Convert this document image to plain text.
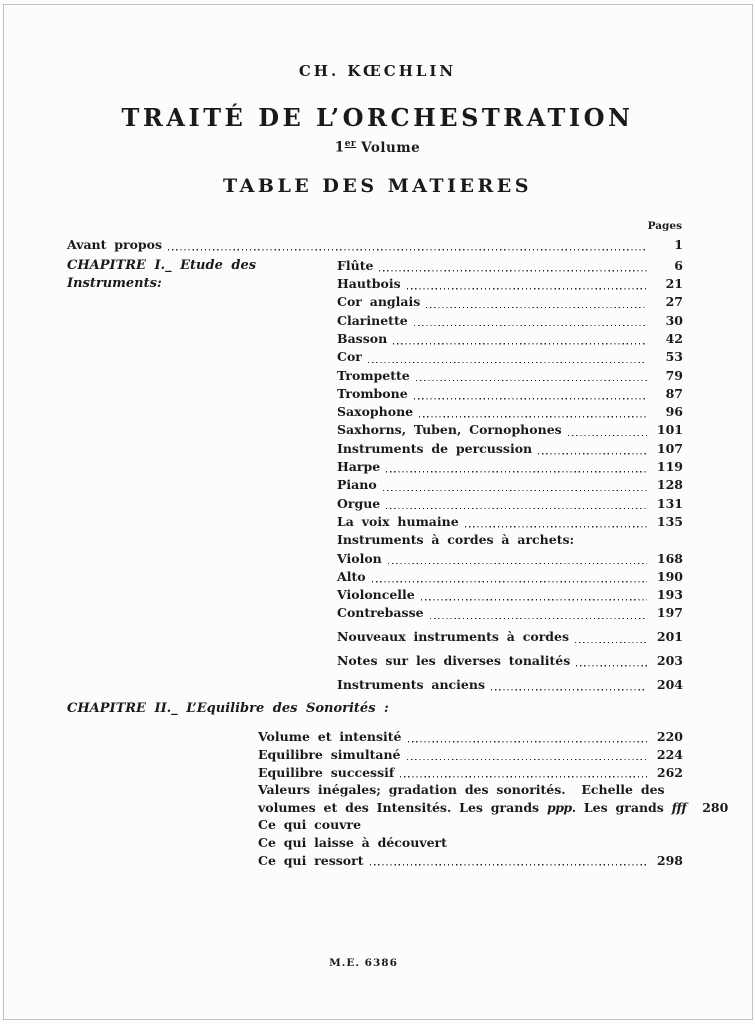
CH. KŒCHLIN
TRAITÉ DE L’ORCHESTRATION
1er Volume
TABLE DES MATIERES
Pages
Avant propos	1
CHAPITRE I._ Etude des Instruments:
Flûte	6
Hautbois	21
Cor anglais	27
Clarinette	30
Basson	42
Cor	53
Trompette	79
Trombone	87
Saxophone	96
Saxhorns, Tuben, Cornophones	101
Instruments de percussion	107
Harpe	119
Piano	128
Orgue	131
La voix humaine	135
Instruments à cordes à archets:
Violon	168
Alto	190
Violoncelle	193
Contrebasse	197
Nouveaux instruments à cordes	201
Notes sur les diverses tonalités	203
Instruments anciens	204
CHAPITRE II._ L’Equilibre des Sonorités :
Volume et intensité	220
Equilibre simultané	224
Equilibre successif	262
Valeurs inégales; gradation des sonorités.  Echelle des
volumes et des Intensités. Les grands ppp. Les grands fff	280
Ce qui couvre
Ce qui laisse à découvert
Ce qui ressort	298
M.E. 6386
